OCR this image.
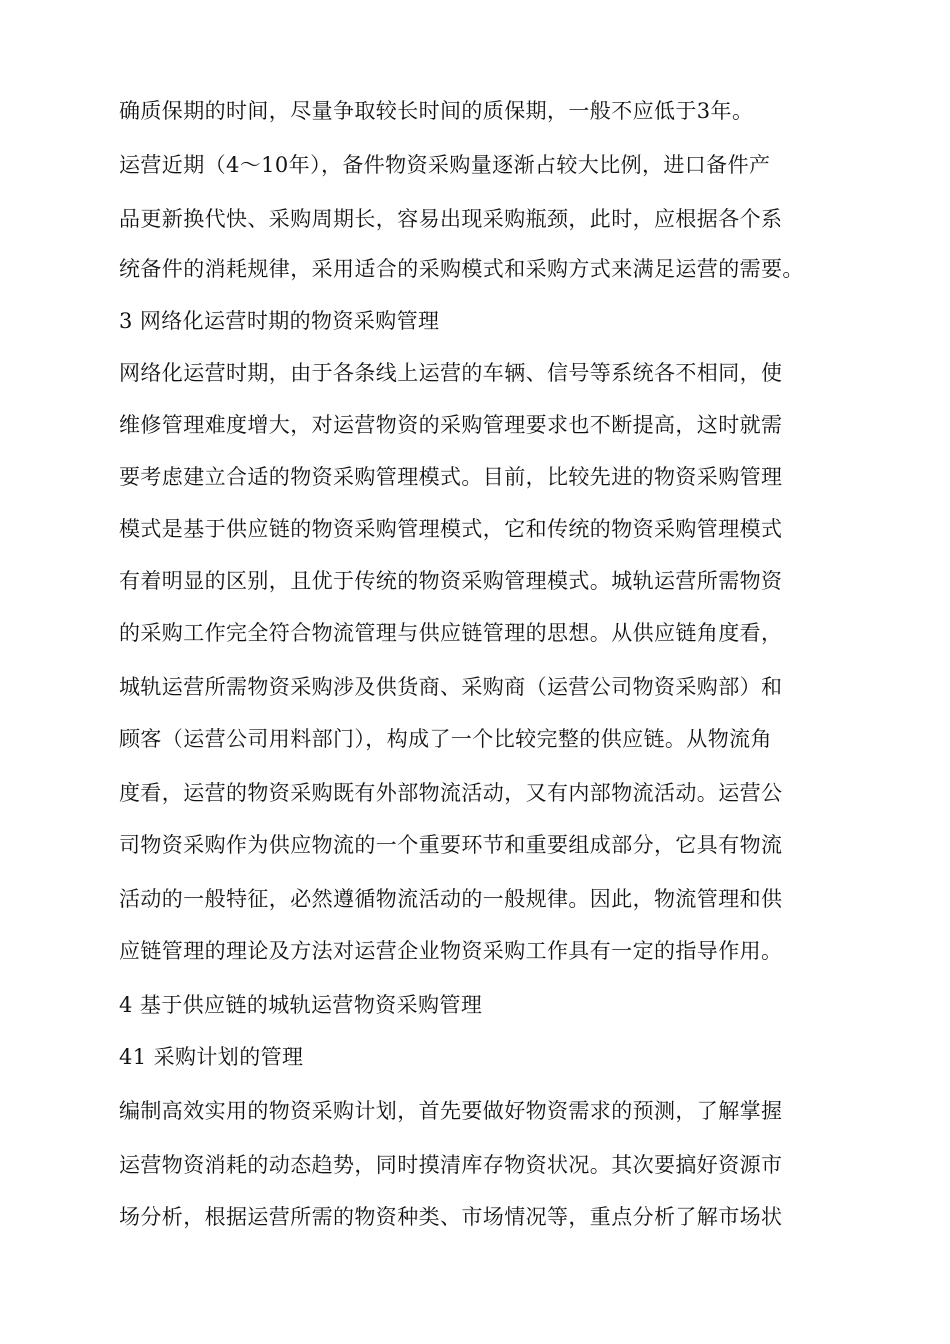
确质保期的时间，尽量争取较长时间的质保期，一般不应低于3年。
运营近期（4～10年），备件物资采购量逐渐占较大比例，进口备件产
品更新换代快、采购周期长，容易出现采购瓶颈，此时，应根据各个系
统备件的消耗规律，采用适合的采购模式和采购方式来满足运营的需要。
3 网络化运营时期的物资采购管理
网络化运营时期，由于各条线上运营的车辆、信号等系统各不相同，使
维修管理难度增大，对运营物资的采购管理要求也不断提高，这时就需
要考虑建立合适的物资采购管理模式。目前，比较先进的物资采购管理
模式是基于供应链的物资采购管理模式，它和传统的物资采购管理模式
有着明显的区别，且优于传统的物资采购管理模式。城轨运营所需物资
的采购工作完全符合物流管理与供应链管理的思想。从供应链角度看，
城轨运营所需物资采购涉及供货商、采购商（运营公司物资采购部）和
顾客（运营公司用料部门），构成了一个比较完整的供应链。从物流角
度看，运营的物资采购既有外部物流活动，又有内部物流活动。运营公
司物资采购作为供应物流的一个重要环节和重要组成部分，它具有物流
活动的一般特征，必然遵循物流活动的一般规律。因此，物流管理和供
应链管理的理论及方法对运营企业物资采购工作具有一定的指导作用。
4 基于供应链的城轨运营物资采购管理
41 采购计划的管理
编制高效实用的物资采购计划，首先要做好物资需求的预测，了解掌握
运营物资消耗的动态趋势，同时摸清库存物资状况。其次要搞好资源市
场分析，根据运营所需的物资种类、市场情况等，重点分析了解市场状
